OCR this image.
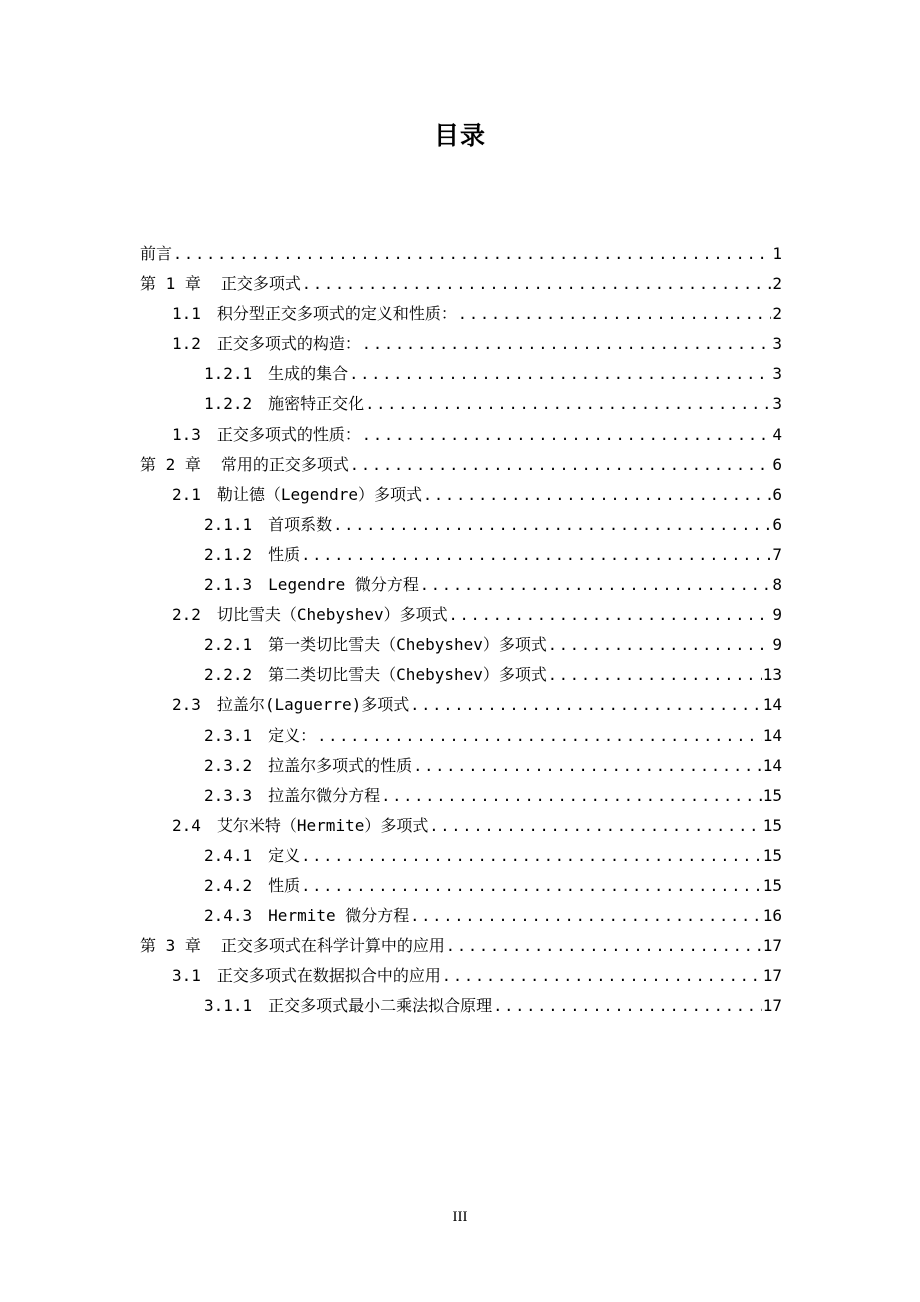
目录
前言 .....	1
第 1 章	正交多项式 .....	2
1.1	积分型正交多项式的定义和性质： .....	2
1.2	正交多项式的构造： .....	3
1.2.1	生成的集合 .....	3
1.2.2	施密特正交化 .....	3
1.3	正交多项式的性质： .....	4
第 2 章	常用的正交多项式 .....	6
2.1	勒让德（Legendre）多项式 .....	6
2.1.1	首项系数 .....	6
2.1.2	性质 .....	7
2.1.3	Legendre 微分方程 .....	8
2.2	切比雪夫（Chebyshev）多项式 .....	9
2.2.1	第一类切比雪夫（Chebyshev）多项式 .....	9
2.2.2	第二类切比雪夫（Chebyshev）多项式 .....	13
2.3	拉盖尔(Laguerre)多项式 .....	14
2.3.1	定义： .....	14
2.3.2	拉盖尔多项式的性质 .....	14
2.3.3	拉盖尔微分方程 .....	15
2.4	艾尔米特（Hermite）多项式 .....	15
2.4.1	定义 .....	15
2.4.2	性质 .....	15
2.4.3	Hermite 微分方程 .....	16
第 3 章	正交多项式在科学计算中的应用 .....	17
3.1	正交多项式在数据拟合中的应用 .....	17
3.1.1	正交多项式最小二乘法拟合原理 .....	17
III
